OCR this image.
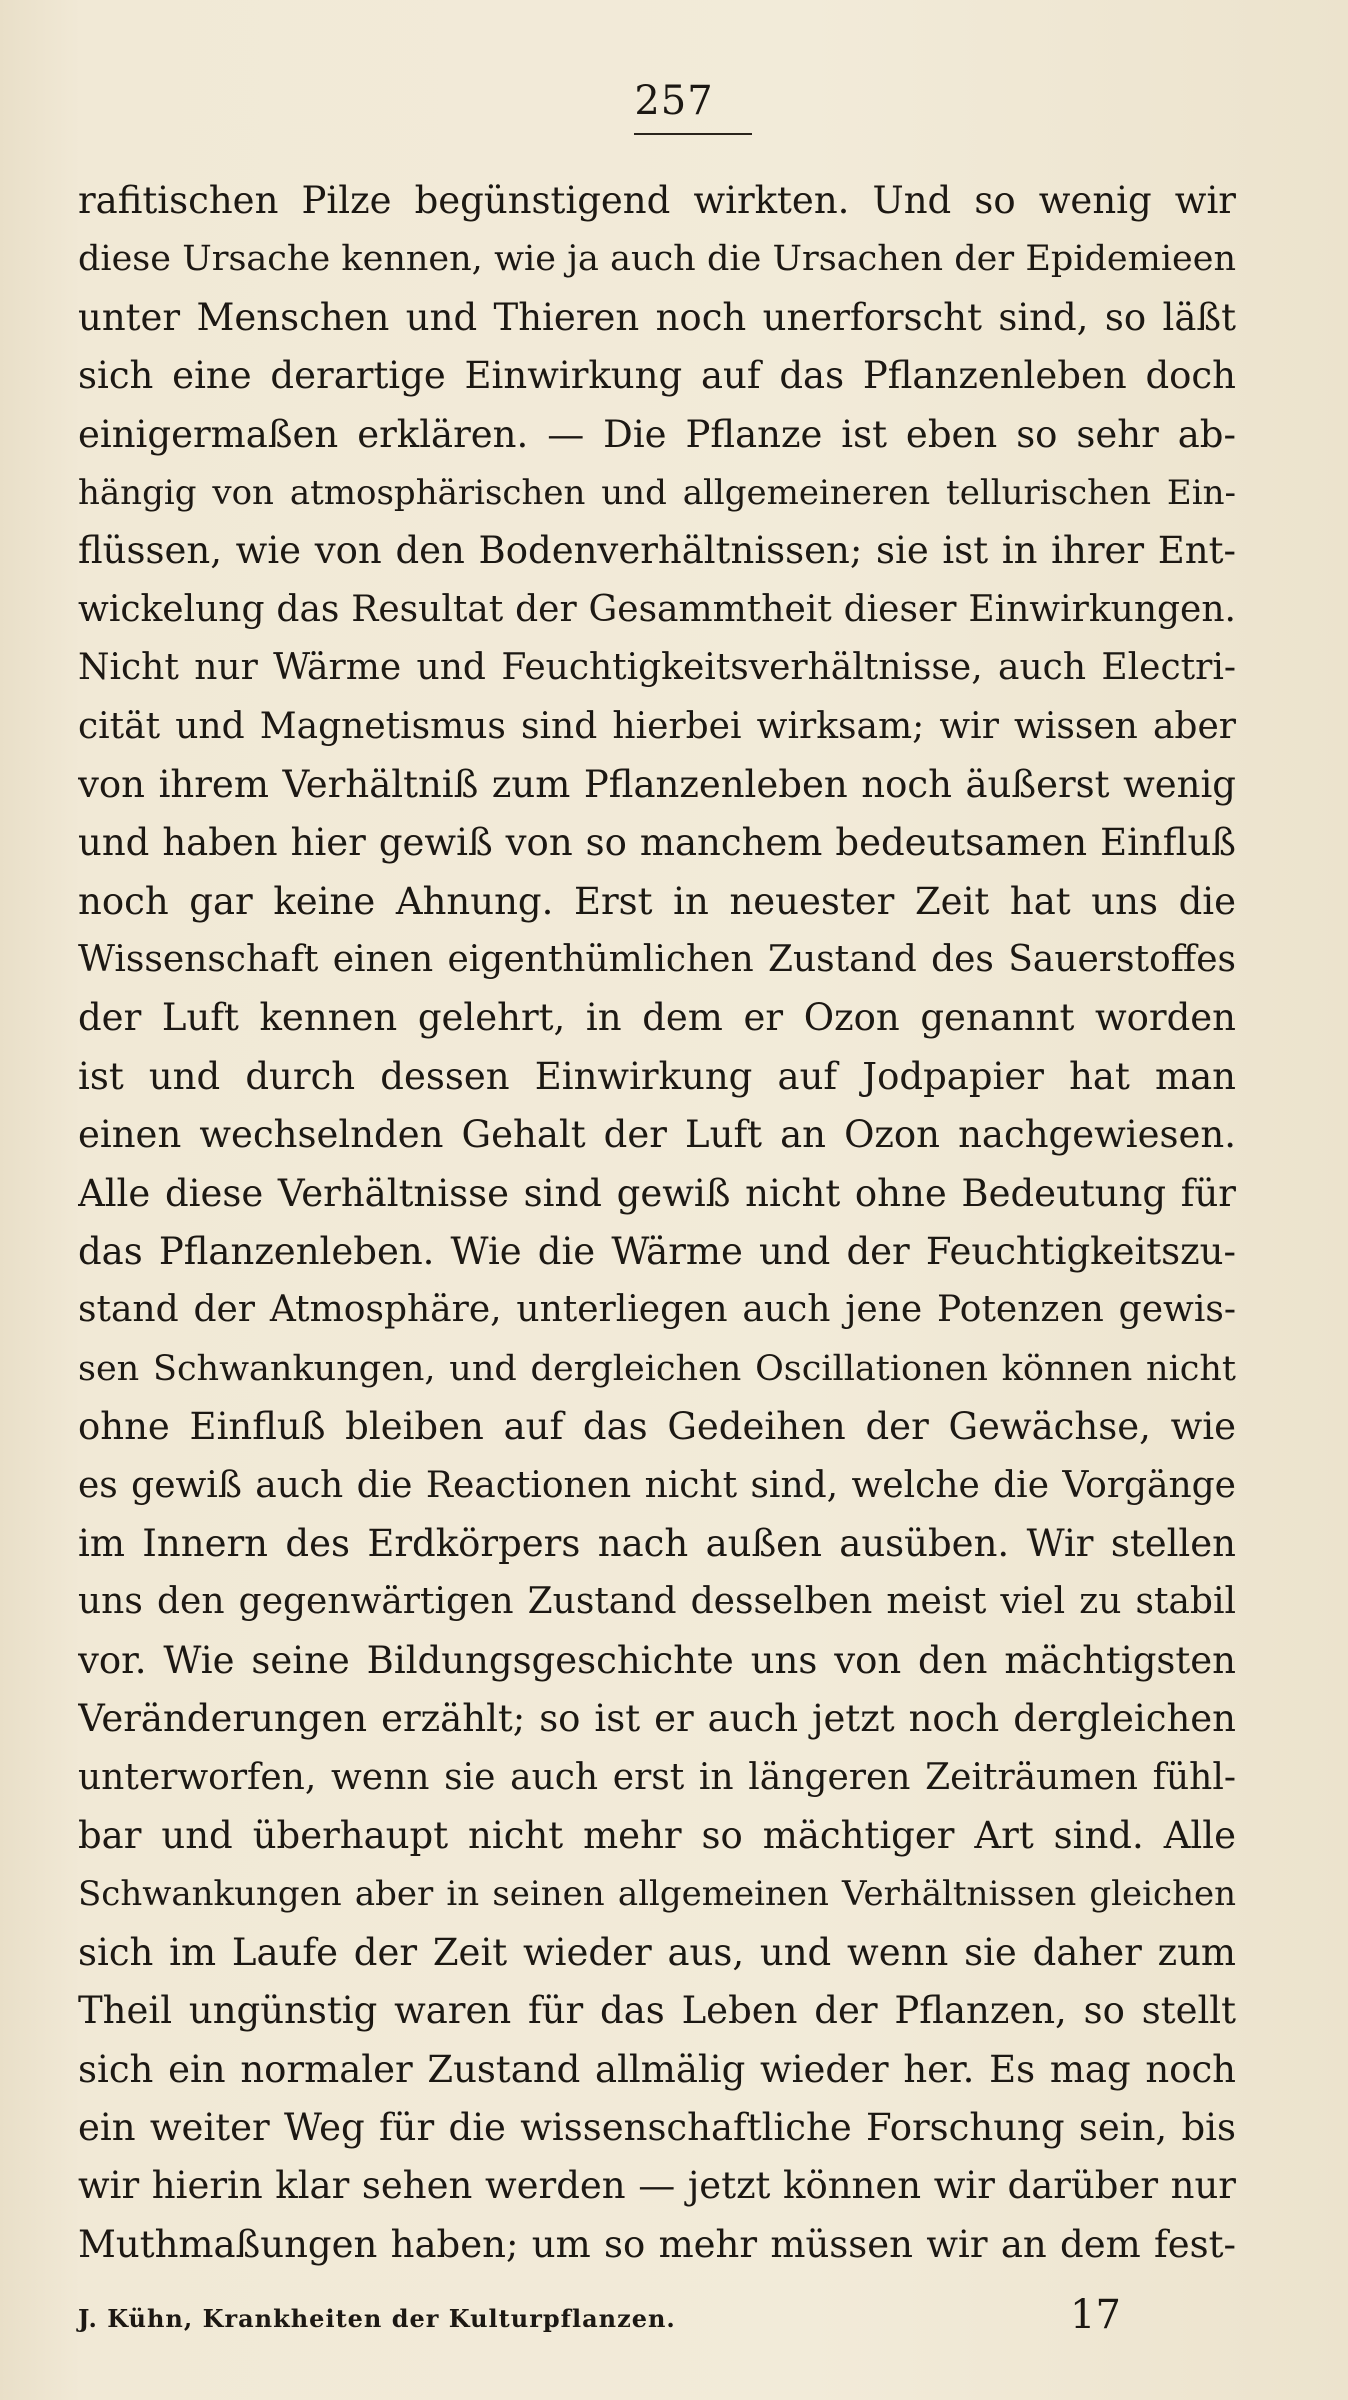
257
rafitischen Pilze begünstigend wirkten. Und so wenig wir
diese Ursache kennen, wie ja auch die Ursachen der Epidemieen
unter Menschen und Thieren noch unerforscht sind, so läßt
sich eine derartige Einwirkung auf das Pflanzenleben doch
einigermaßen erklären. — Die Pflanze ist eben so sehr ab-
hängig von atmosphärischen und allgemeineren tellurischen Ein-
flüssen, wie von den Bodenverhältnissen; sie ist in ihrer Ent-
wickelung das Resultat der Gesammtheit dieser Einwirkungen.
Nicht nur Wärme und Feuchtigkeitsverhältnisse, auch Electri-
cität und Magnetismus sind hierbei wirksam; wir wissen aber
von ihrem Verhältniß zum Pflanzenleben noch äußerst wenig
und haben hier gewiß von so manchem bedeutsamen Einfluß
noch gar keine Ahnung. Erst in neuester Zeit hat uns die
Wissenschaft einen eigenthümlichen Zustand des Sauerstoffes
der Luft kennen gelehrt, in dem er Ozon genannt worden
ist und durch dessen Einwirkung auf Jodpapier hat man
einen wechselnden Gehalt der Luft an Ozon nachgewiesen.
Alle diese Verhältnisse sind gewiß nicht ohne Bedeutung für
das Pflanzenleben. Wie die Wärme und der Feuchtigkeitszu-
stand der Atmosphäre, unterliegen auch jene Potenzen gewis-
sen Schwankungen, und dergleichen Oscillationen können nicht
ohne Einfluß bleiben auf das Gedeihen der Gewächse, wie
es gewiß auch die Reactionen nicht sind, welche die Vorgänge
im Innern des Erdkörpers nach außen ausüben. Wir stellen
uns den gegenwärtigen Zustand desselben meist viel zu stabil
vor. Wie seine Bildungsgeschichte uns von den mächtigsten
Veränderungen erzählt; so ist er auch jetzt noch dergleichen
unterworfen, wenn sie auch erst in längeren Zeiträumen fühl-
bar und überhaupt nicht mehr so mächtiger Art sind. Alle
Schwankungen aber in seinen allgemeinen Verhältnissen gleichen
sich im Laufe der Zeit wieder aus, und wenn sie daher zum
Theil ungünstig waren für das Leben der Pflanzen, so stellt
sich ein normaler Zustand allmälig wieder her. Es mag noch
ein weiter Weg für die wissenschaftliche Forschung sein, bis
wir hierin klar sehen werden — jetzt können wir darüber nur
Muthmaßungen haben; um so mehr müssen wir an dem fest-
J. Kühn, Krankheiten der Kulturpflanzen.	17
